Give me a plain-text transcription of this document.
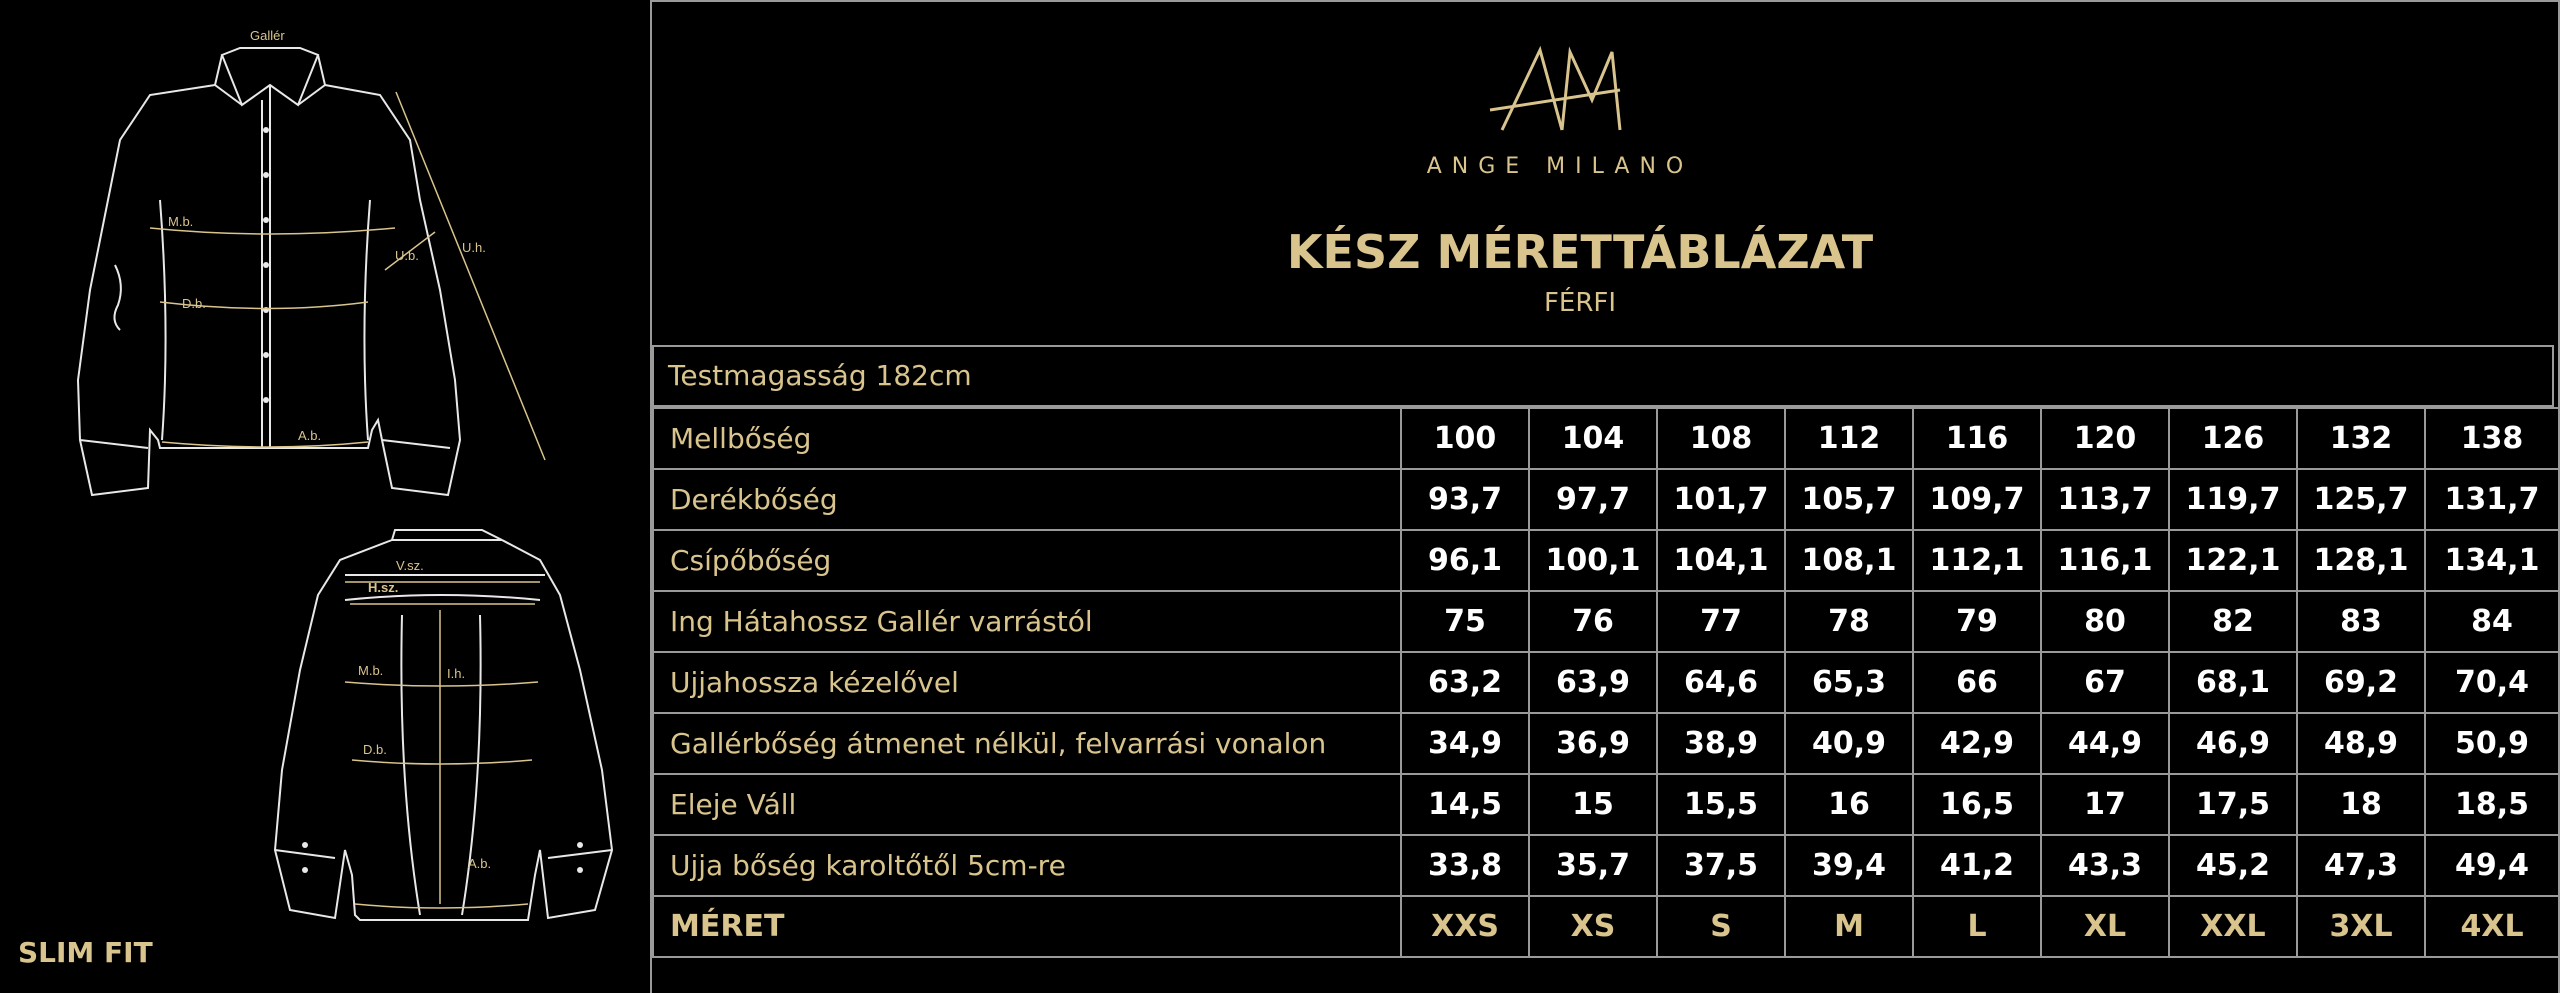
Gallér
M.b.
D.b.
A.b.
U.b.
U.h.
V.sz.
H.sz.
M.b.	I.h.
D.b.
A.b.
SLIM FIT
ANGE MILANO
KÉSZ MÉRETTÁBLÁZAT
FÉRFI
Testmagasság 182cm
Mellbőség	100	104	108	112	116	120	126	132	138
Derékbőség	93,7	97,7	101,7	105,7	109,7	113,7	119,7	125,7	131,7
Csípőbőség	96,1	100,1	104,1	108,1	112,1	116,1	122,1	128,1	134,1
Ing Hátahossz Gallér varrástól	75	76	77	78	79	80	82	83	84
Ujjahossza kézelővel	63,2	63,9	64,6	65,3	66	67	68,1	69,2	70,4
Gallérbőség átmenet nélkül, felvarrási vonalon	34,9	36,9	38,9	40,9	42,9	44,9	46,9	48,9	50,9
Eleje Váll	14,5	15	15,5	16	16,5	17	17,5	18	18,5
Ujja bőség karoltőtől 5cm-re	33,8	35,7	37,5	39,4	41,2	43,3	45,2	47,3	49,4
MÉRET	XXS	XS	S	M	L	XL	XXL	3XL	4XL
